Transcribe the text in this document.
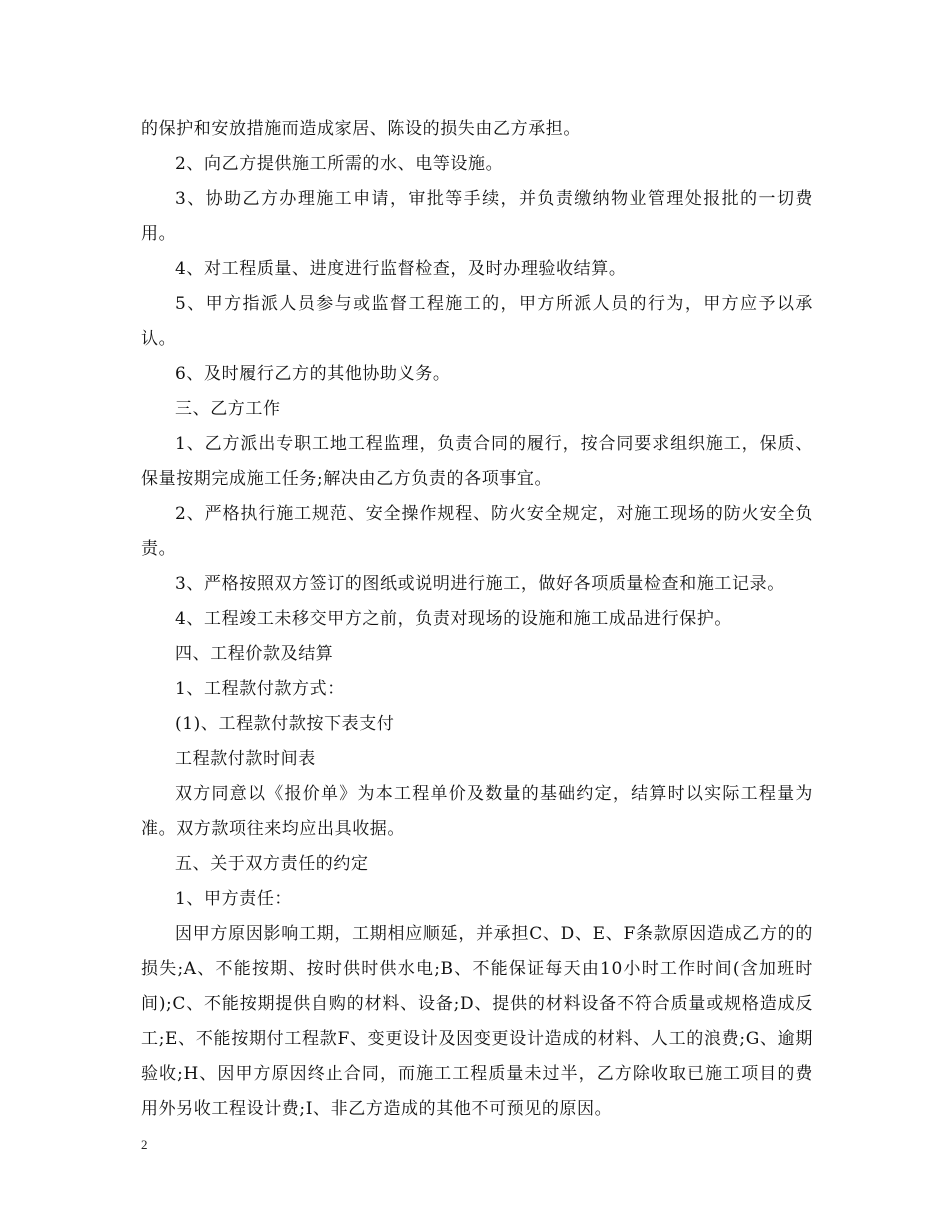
的保护和安放措施而造成家居、陈设的损失由乙方承担。

2、向乙方提供施工所需的水、电等设施。

3、协助乙方办理施工申请，审批等手续，并负责缴纳物业管理处报批的一切费用。

4、对工程质量、进度进行监督检查，及时办理验收结算。

5、甲方指派人员参与或监督工程施工的，甲方所派人员的行为，甲方应予以承认。

6、及时履行乙方的其他协助义务。

三、乙方工作

1、乙方派出专职工地工程监理，负责合同的履行，按合同要求组织施工，保质、保量按期完成施工任务;解决由乙方负责的各项事宜。

2、严格执行施工规范、安全操作规程、防火安全规定，对施工现场的防火安全负责。

3、严格按照双方签订的图纸或说明进行施工，做好各项质量检查和施工记录。

4、工程竣工未移交甲方之前，负责对现场的设施和施工成品进行保护。

四、工程价款及结算

1、工程款付款方式：

(1)、工程款付款按下表支付

工程款付款时间表

双方同意以《报价单》为本工程单价及数量的基础约定，结算时以实际工程量为准。双方款项往来均应出具收据。

五、关于双方责任的约定

1、甲方责任：

因甲方原因影响工期，工期相应顺延，并承担C、D、E、F条款原因造成乙方的的损失;A、不能按期、按时供时供水电;B、不能保证每天由10小时工作时间(含加班时间);C、不能按期提供自购的材料、设备;D、提供的材料设备不符合质量或规格造成反工;E、不能按期付工程款F、变更设计及因变更设计造成的材料、人工的浪费;G、逾期验收;H、因甲方原因终止合同，而施工工程质量未过半，乙方除收取已施工项目的费用外另收工程设计费;I、非乙方造成的其他不可预见的原因。

2
